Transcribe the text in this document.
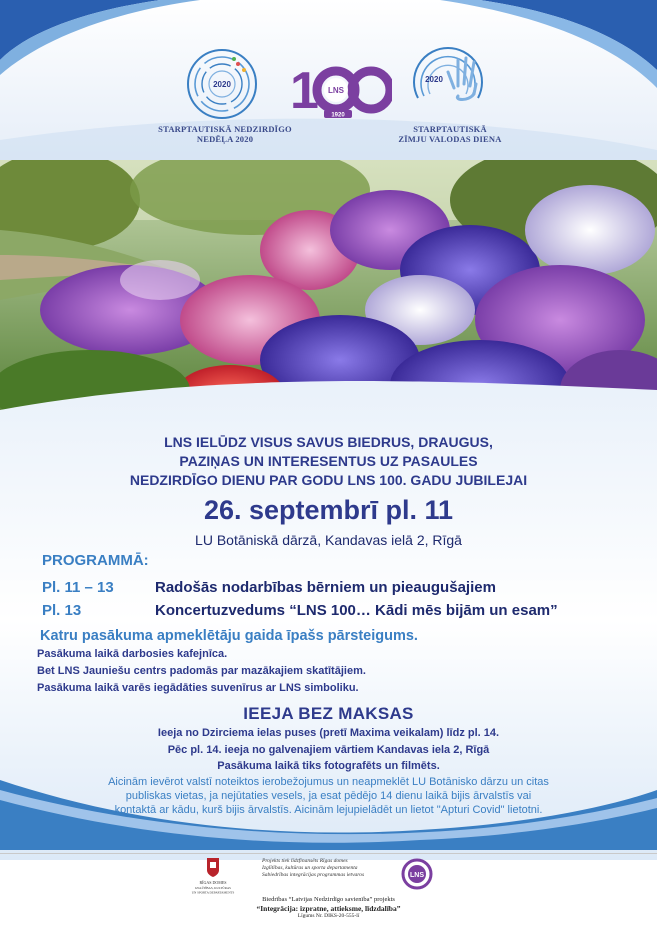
2020
STARPTAUTISKĀ NEDZIRDĪGO
NEDĒĻA 2020
1 LNS
1920
2020
STARPTAUTISKĀ
ZĪMJU VALODAS DIENA
LNS IELŪDZ VISUS SAVUS BIEDRUS, DRAUGUS,
PAZIŅAS UN INTERESENTUS UZ PASAULES
NEDZIRDĪGO DIENU PAR GODU LNS 100. GADU JUBILEJAI
26. septembrī pl. 11
LU Botāniskā dārzā, Kandavas ielā 2, Rīgā
PROGRAMMĀ:
Pl. 11 – 13	Radošās nodarbības bērniem un pieaugušajiem
Pl. 13	Koncertuzvedums “LNS 100… Kādi mēs bijām un esam”
Katru pasākuma apmeklētāju gaida īpašs pārsteigums.
Pasākuma laikā darbosies kafejnīca.
Bet LNS Jauniešu centrs padomās par mazākajiem skatītājiem.
Pasākuma laikā varēs iegādāties suvenīrus ar LNS simboliku.
IEEJA BEZ MAKSAS
Ieeja no Dzirciema ielas puses (pretī Maxima veikalam) līdz pl. 14.
Pēc pl. 14. ieeja no galvenajiem vārtiem Kandavas iela 2, Rīgā
Pasākuma laikā tiks fotografēts un filmēts.
Aicinām ievērot valstī noteiktos ierobežojumus un neapmeklēt LU Botānisko dārzu un citas
publiskas vietas, ja nejūtaties vesels, ja esat pēdējo 14 dienu laikā bijis ārvalstīs vai
kontaktā ar kādu, kurš bijis ārvalstīs. Aicinām lejupielādēt un lietot "Apturi Covid" lietotni.
RĪGAS DOMES
IZGLĪTĪBAS, KULTŪRAS
UN SPORTA DEPARTAMENTS
Projekts tiek līdzfinansēts Rīgas domes
Izglītības, kultūras un sporta departamenta
Sabiedrības integrācijas programmas ietvaros	LNS
Biedrības “Latvijas Nedzirdīgo savienība” projekts
“Integrācija: izpratne, attieksme, līdzdalība”
Līgums Nr. DIKS-20-555-lī
